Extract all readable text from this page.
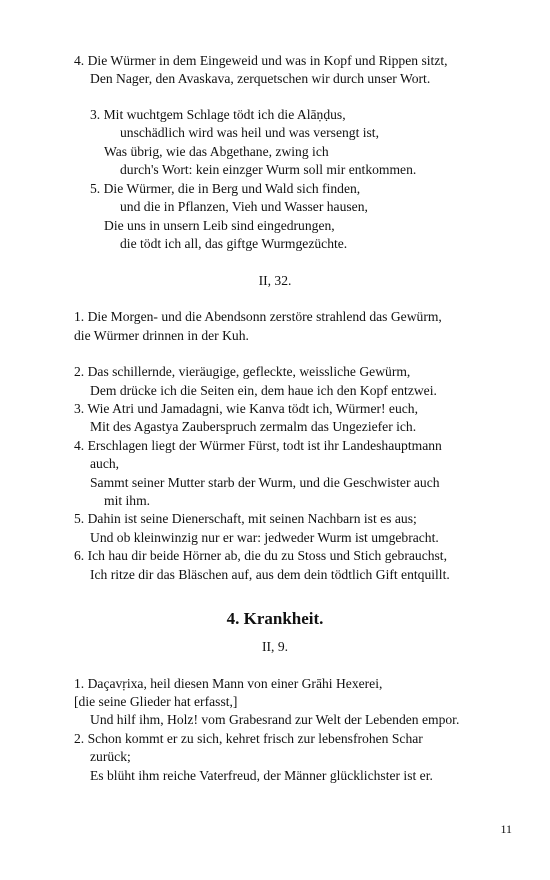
4. Die Würmer in dem Eingeweid und was in Kopf und Rippen sitzt,
Den Nager, den Avaskava, zerquetschen wir durch unser Wort.
3. Mit wuchtgem Schlage tödt ich die Alāṇḍus,
unschädlich wird was heil und was versengt ist,
Was übrig, wie das Abgethane, zwing ich
durch's Wort: kein einzger Wurm soll mir entkommen.
5. Die Würmer, die in Berg und Wald sich finden,
und die in Pflanzen, Vieh und Wasser hausen,
Die uns in unsern Leib sind eingedrungen,
die tödt ich all, das giftge Wurmgezüchte.
1. Die Morgen- und die Abendsonn zerstöre strahlend das Gewürm,
die Würmer drinnen in der Kuh.
2. Das schillernde, vieräugige, gefleckte, weissliche Gewürm,
Dem drücke ich die Seiten ein, dem haue ich den Kopf entzwei.
3. Wie Atri und Jamadagni, wie Kanva tödt ich, Würmer! euch,
Mit des Agastya Zauberspruch zermalm das Ungeziefer ich.
4. Erschlagen liegt der Würmer Fürst, todt ist ihr Landeshauptmann
auch,
Sammt seiner Mutter starb der Wurm, und die Geschwister auch
mit ihm.
5. Dahin ist seine Dienerschaft, mit seinen Nachbarn ist es aus;
Und ob kleinwinzig nur er war: jedweder Wurm ist umgebracht.
6. Ich hau dir beide Hörner ab, die du zu Stoss und Stich gebrauchst,
Ich ritze dir das Bläschen auf, aus dem dein tödtlich Gift entquillt.
1. Daçavṛixa, heil diesen Mann von einer Grāhi Hexerei,
[die seine Glieder hat erfasst,]
Und hilf ihm, Holz! vom Grabesrand zur Welt der Lebenden empor.
2. Schon kommt er zu sich, kehret frisch zur lebensfrohen Schar
zurück;
Es blüht ihm reiche Vaterfreud, der Männer glücklichster ist er.
II, 32.
4. Krankheit.
II, 9.
11
